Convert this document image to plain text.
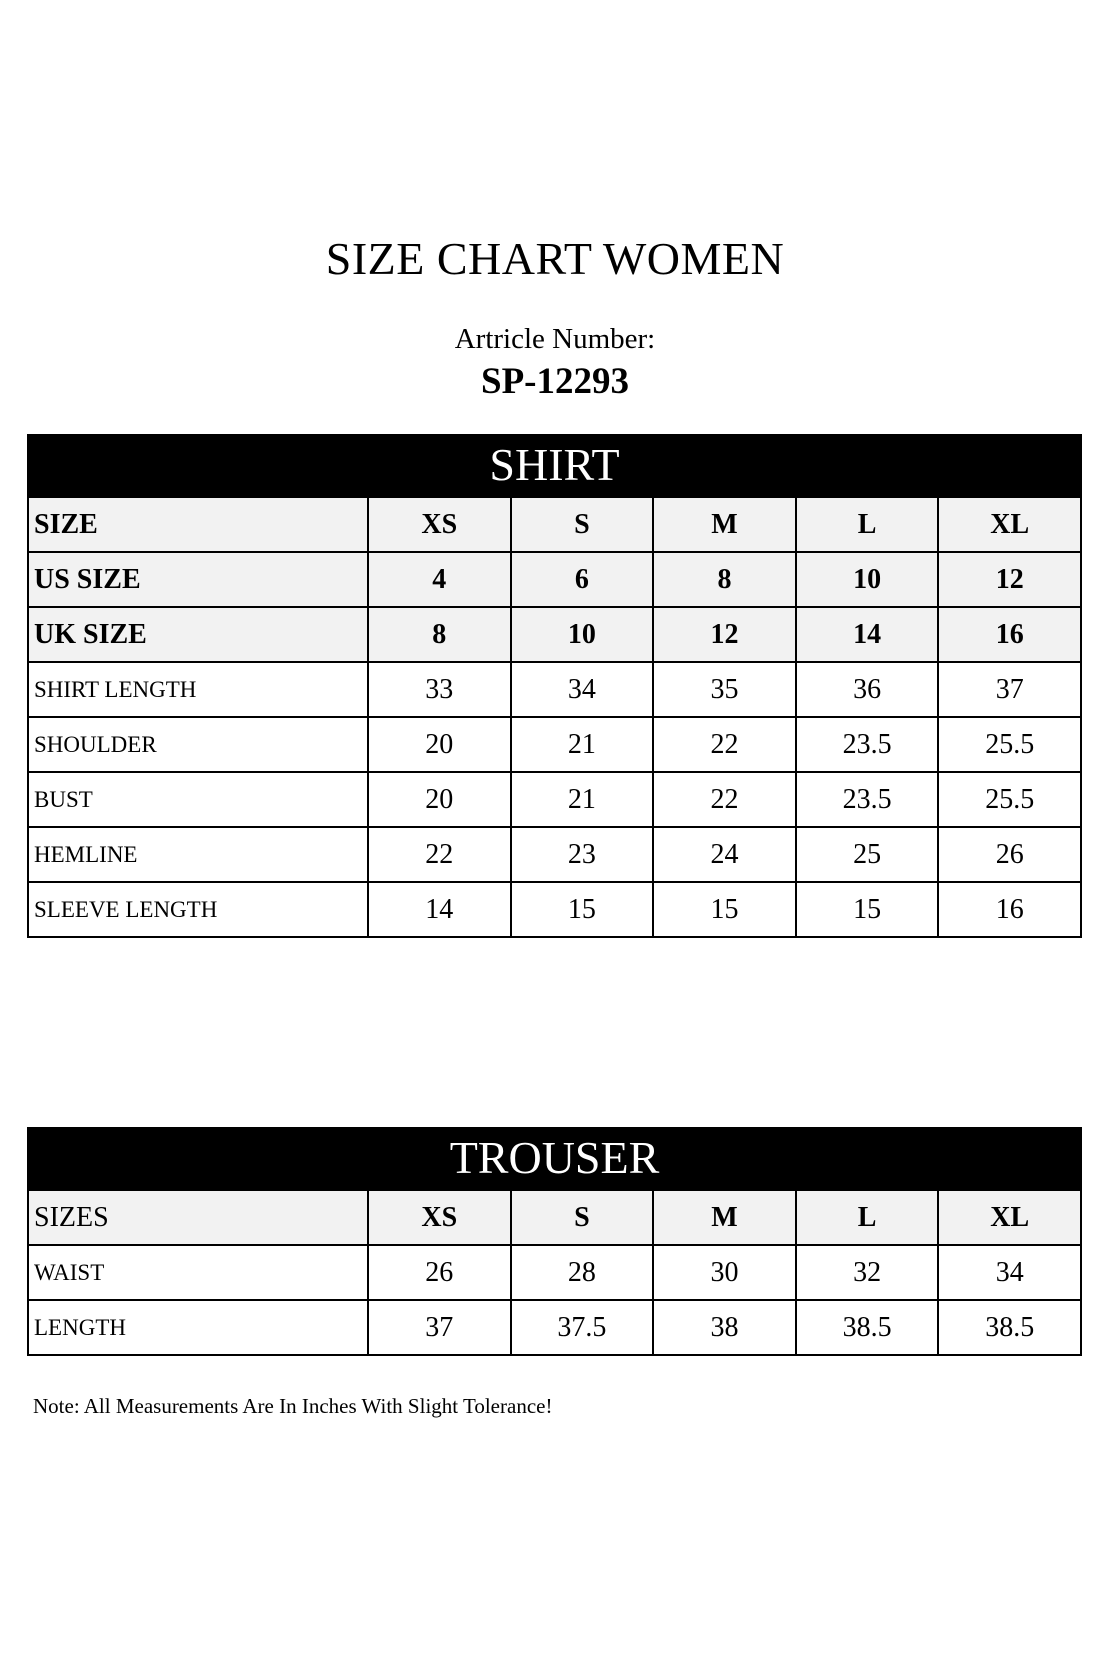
SIZE CHART WOMEN
Artricle Number:
SP-12293
SHIRT
SIZE	XS	S	M	L	XL
US SIZE	4	6	8	10	12
UK SIZE	8	10	12	14	16
SHIRT LENGTH	33	34	35	36	37
SHOULDER	20	21	22	23.5	25.5
BUST	20	21	22	23.5	25.5
HEMLINE	22	23	24	25	26
SLEEVE LENGTH	14	15	15	15	16
TROUSER
SIZES	XS	S	M	L	XL
WAIST	26	28	30	32	34
LENGTH	37	37.5	38	38.5	38.5
Note: All Measurements Are In Inches With Slight Tolerance!
